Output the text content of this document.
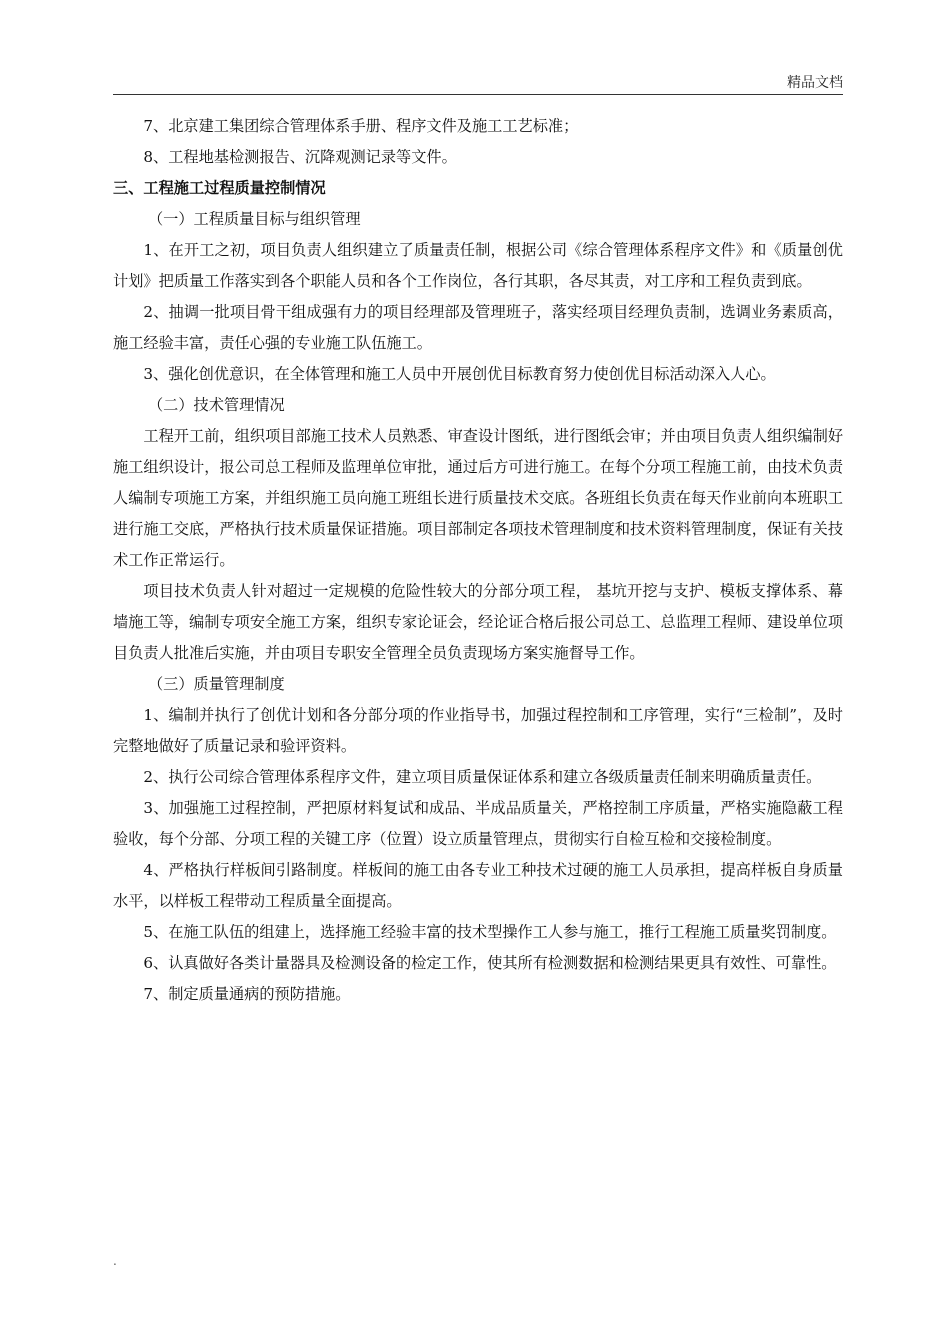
精品文档

7、北京建工集团综合管理体系手册、程序文件及施工工艺标准；

8、工程地基检测报告、沉降观测记录等文件。

三、工程施工过程质量控制情况

（一）工程质量目标与组织管理

1、在开工之初，项目负责人组织建立了质量责任制，根据公司《综合管理体系程序文件》和《质量创优计划》把质量工作落实到各个职能人员和各个工作岗位，各行其职，各尽其责，对工序和工程负责到底。

2、抽调一批项目骨干组成强有力的项目经理部及管理班子，落实经项目经理负责制，选调业务素质高，施工经验丰富，责任心强的专业施工队伍施工。

3、强化创优意识，在全体管理和施工人员中开展创优目标教育努力使创优目标活动深入人心。

（二）技术管理情况

工程开工前，组织项目部施工技术人员熟悉、审查设计图纸，进行图纸会审；并由项目负责人组织编制好施工组织设计，报公司总工程师及监理单位审批，通过后方可进行施工。在每个分项工程施工前，由技术负责人编制专项施工方案，并组织施工员向施工班组长进行质量技术交底。各班组长负责在每天作业前向本班职工进行施工交底，严格执行技术质量保证措施。项目部制定各项技术管理制度和技术资料管理制度，保证有关技术工作正常运行。

项目技术负责人针对超过一定规模的危险性较大的分部分项工程， 基坑开挖与支护、模板支撑体系、幕墙施工等，编制专项安全施工方案，组织专家论证会，经论证合格后报公司总工、总监理工程师、建设单位项目负责人批准后实施，并由项目专职安全管理全员负责现场方案实施督导工作。

（三）质量管理制度

1、编制并执行了创优计划和各分部分项的作业指导书，加强过程控制和工序管理，实行“三检制”，及时完整地做好了质量记录和验评资料。

2、执行公司综合管理体系程序文件，建立项目质量保证体系和建立各级质量责任制来明确质量责任。

3、加强施工过程控制，严把原材料复试和成品、半成品质量关，严格控制工序质量，严格实施隐蔽工程验收，每个分部、分项工程的关键工序（位置）设立质量管理点，贯彻实行自检互检和交接检制度。

4、严格执行样板间引路制度。样板间的施工由各专业工种技术过硬的施工人员承担，提高样板自身质量水平，以样板工程带动工程质量全面提高。

5、在施工队伍的组建上，选择施工经验丰富的技术型操作工人参与施工，推行工程施工质量奖罚制度。

6、认真做好各类计量器具及检测设备的检定工作，使其所有检测数据和检测结果更具有效性、可靠性。

7、制定质量通病的预防措施。

.
